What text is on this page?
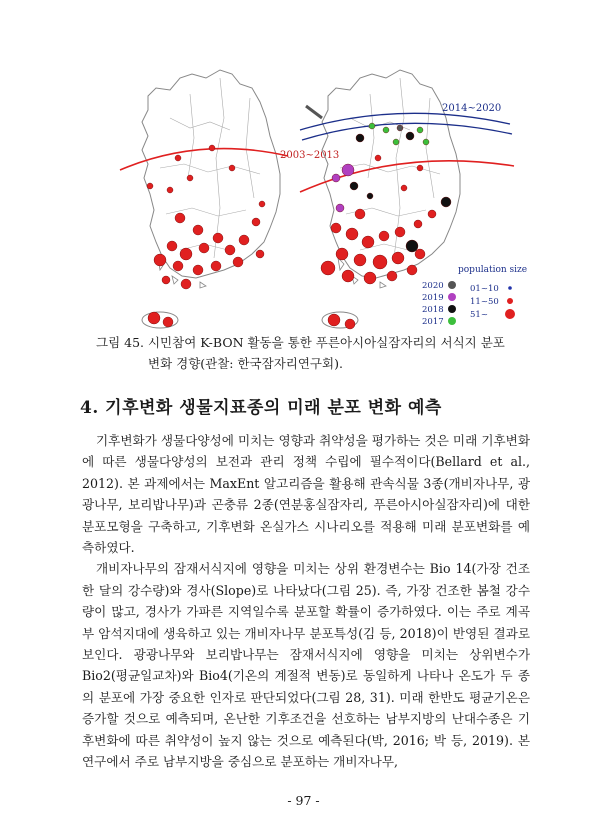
2003~2013
2014~2020
population size
2020
2019
2018
2017
01~10
11~50
51~
그림 45. 시민참여 K-BON 활동을 통한 푸른아시아실잠자리의 서식지 분포
변화 경향(관찰: 한국잠자리연구회).
4. 기후변화 생물지표종의 미래 분포 변화 예측

기후변화가 생물다양성에 미치는 영향과 취약성을 평가하는 것은 미래 기후변화에 따른 생물다양성의 보전과 관리 정책 수립에 필수적이다(Bellard et al., 2012). 본 과제에서는 MaxEnt 알고리즘을 활용해 관속식물 3종(개비자나무, 광광나무, 보리밥나무)과 곤충류 2종(연분홍실잠자리, 푸른아시아실잠자리)에 대한 분포모형을 구축하고, 기후변화 온실가스 시나리오를 적용해 미래 분포변화를 예측하였다.

개비자나무의 잠재서식지에 영향을 미치는 상위 환경변수는 Bio 14(가장 건조한 달의 강수량)와 경사(Slope)로 나타났다(그림 25). 즉, 가장 건조한 봄철 강수량이 많고, 경사가 가파른 지역일수록 분포할 확률이 증가하였다. 이는 주로 계곡부 암석지대에 생육하고 있는 개비자나무 분포특성(김 등, 2018)이 반영된 결과로 보인다. 광광나무와 보리밥나무는 잠재서식지에 영향을 미치는 상위변수가 Bio2(평균일교차)와 Bio4(기온의 계절적 변동)로 동일하게 나타나 온도가 두 종의 분포에 가장 중요한 인자로 판단되었다(그림 28, 31). 미래 한반도 평균기온은 증가할 것으로 예측되며, 온난한 기후조건을 선호하는 남부지방의 난대수종은 기후변화에 따른 취약성이 높지 않는 것으로 예측된다(박, 2016; 박 등, 2019). 본 연구에서 주로 남부지방을 중심으로 분포하는 개비자나무,

- 97 -
